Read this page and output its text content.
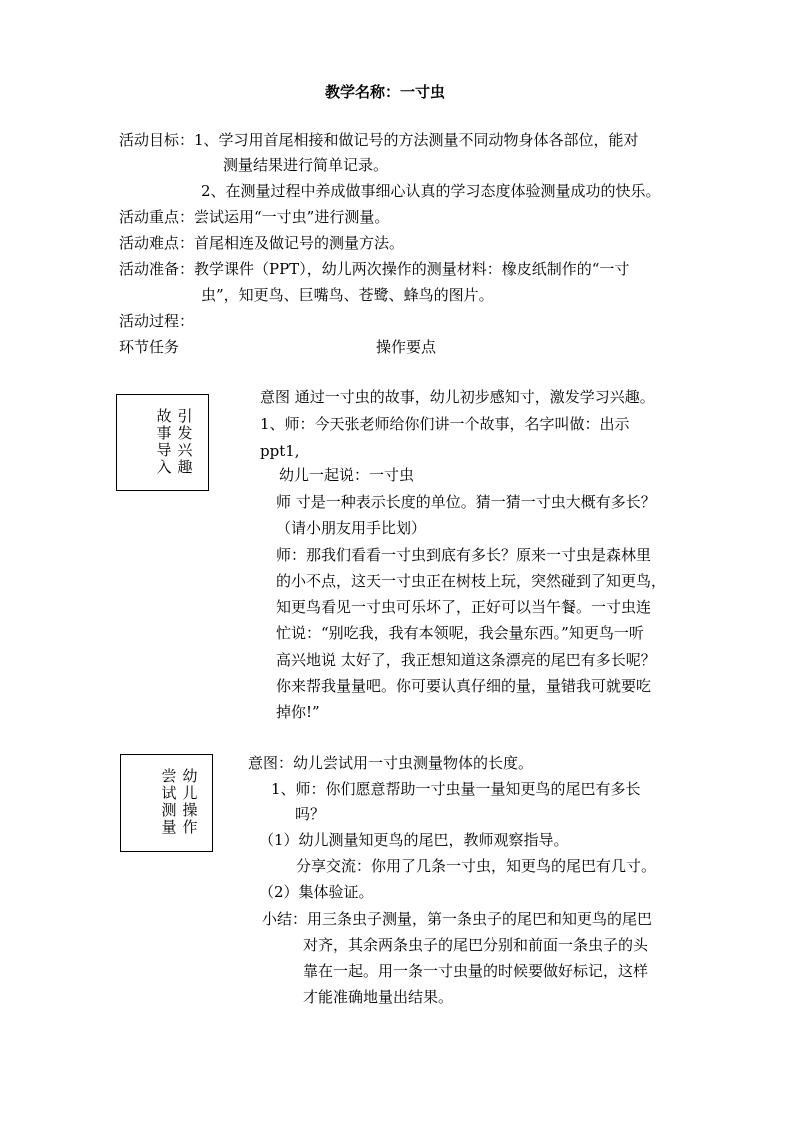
教学名称：一寸虫
活动目标：1、学习用首尾相接和做记号的方法测量不同动物身体各部位，能对
测量结果进行简单记录。
2、在测量过程中养成做事细心认真的学习态度体验测量成功的快乐。
活动重点：尝试运用“一寸虫”进行测量。
活动难点：首尾相连及做记号的测量方法。
活动准备：教学课件（PPT），幼儿两次操作的测量材料：橡皮纸制作的“一寸
虫”，知更鸟、巨嘴鸟、苍鹭、蜂鸟的图片。
活动过程：
环节任务	操作要点
引发兴趣
故事导入
意图 通过一寸虫的故事，幼儿初步感知寸，激发学习兴趣。
1、师：今天张老师给你们讲一个故事，名字叫做：出示
ppt1,
幼儿一起说：一寸虫
师 寸是一种表示长度的单位。猜一猜一寸虫大概有多长？
（请小朋友用手比划）
师：那我们看看一寸虫到底有多长？原来一寸虫是森林里
的小不点，这天一寸虫正在树枝上玩，突然碰到了知更鸟，
知更鸟看见一寸虫可乐坏了，正好可以当午餐。一寸虫连
忙说：“别吃我，我有本领呢，我会量东西。”知更鸟一听
高兴地说 太好了，我正想知道这条漂亮的尾巴有多长呢？
你来帮我量量吧。你可要认真仔细的量，量错我可就要吃
掉你!”
幼儿操作
尝试测量
意图：幼儿尝试用一寸虫测量物体的长度。
1、师：你们愿意帮助一寸虫量一量知更鸟的尾巴有多长
吗？
（1）幼儿测量知更鸟的尾巴，教师观察指导。
分享交流：你用了几条一寸虫，知更鸟的尾巴有几寸。
（2）集体验证。
小结：用三条虫子测量，第一条虫子的尾巴和知更鸟的尾巴
对齐，其余两条虫子的尾巴分别和前面一条虫子的头
靠在一起。用一条一寸虫量的时候要做好标记，这样
才能准确地量出结果。
